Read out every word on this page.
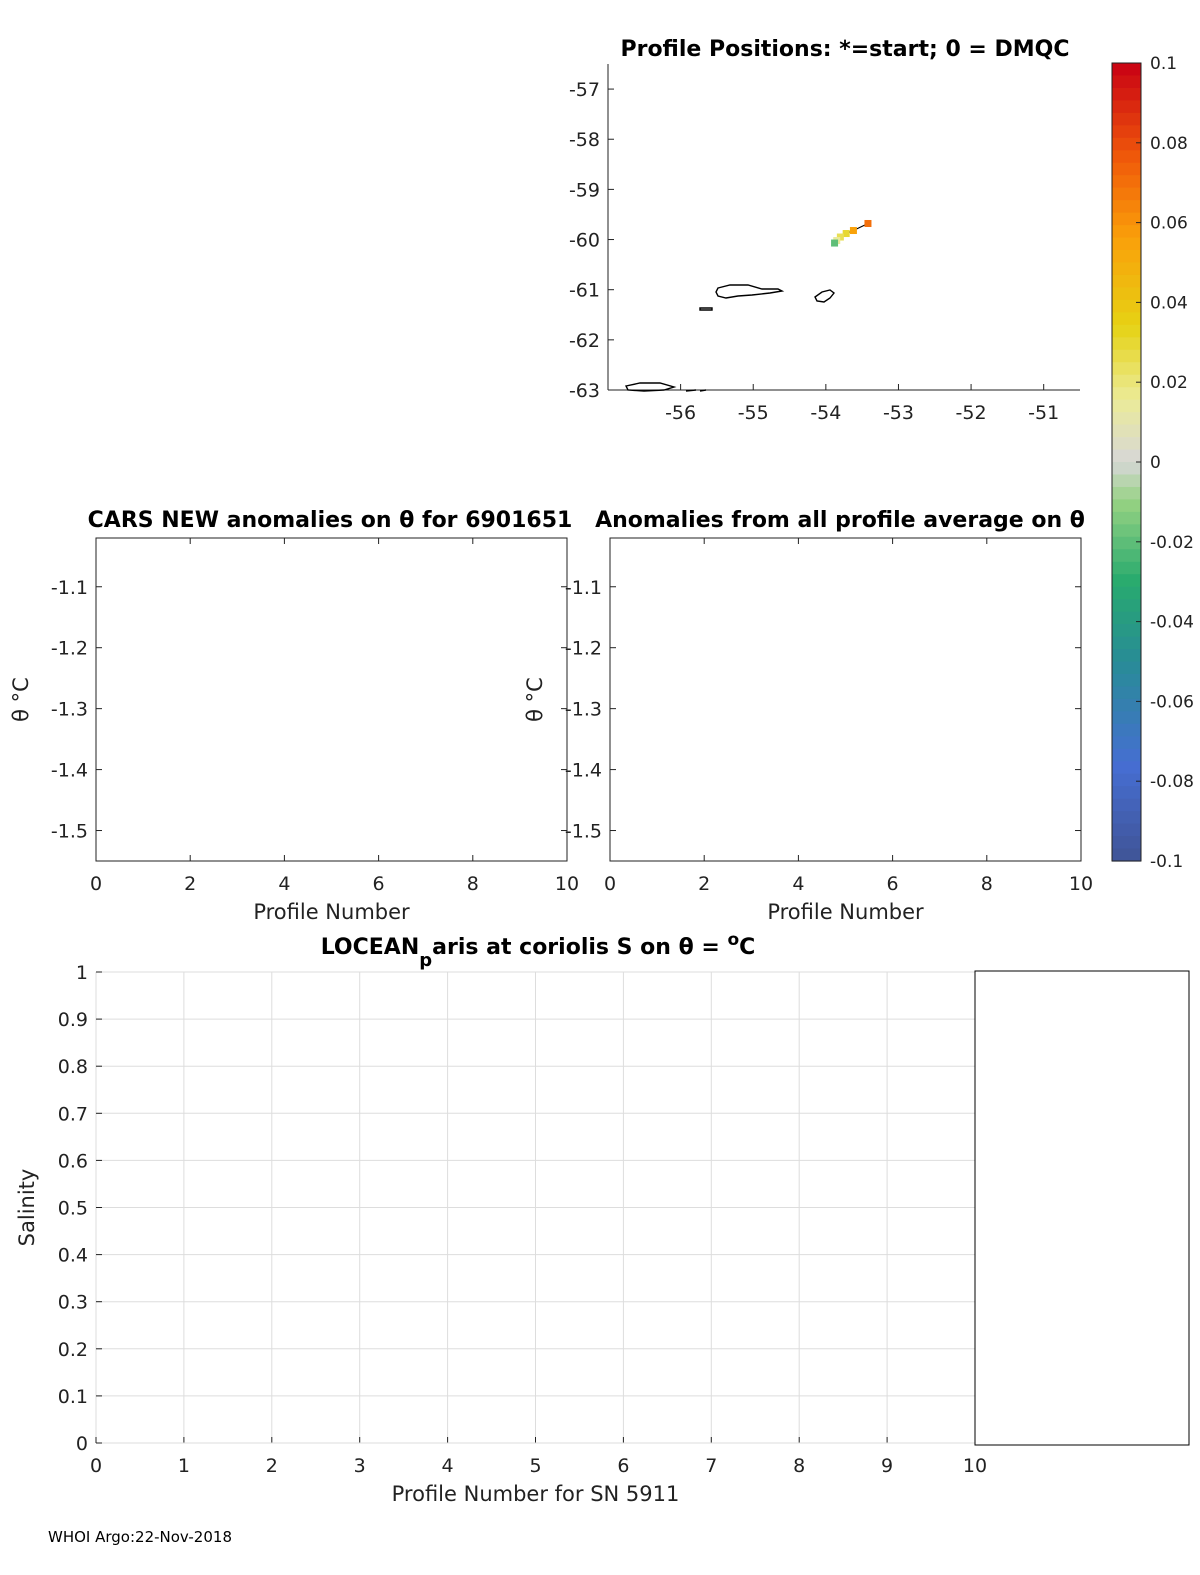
Profile Positions: *=start; 0 = DMQC
-56 -55 -54 -53 -52 -51
-57
-58
-59
-60
-61
-62
-63
0.1
0.08
0.06
0.04
0.02
0
-0.02
-0.04
-0.06
-0.08
-0.1
CARS NEW anomalies on θ for 6901651
0	2	4	6	8	10
-1.1
-1.2
-1.3
-1.4
-1.5
Profile Number
θ °C
Anomalies from all profile average on θ
0	2	4	6	8	10
-1.1
-1.2
-1.3
-1.4
-1.5
Profile Number
θ °C
$LOCEAN_paris$ at coriolis S on θ = $^o$C
0	1	2	3	4	5	6	7	8	9	10
0
0.1
0.2
0.3
0.4
0.5
0.6
0.7
0.8
0.9
1
Profile Number for SN 5911
Salinity
WHOI Argo:22-Nov-2018
